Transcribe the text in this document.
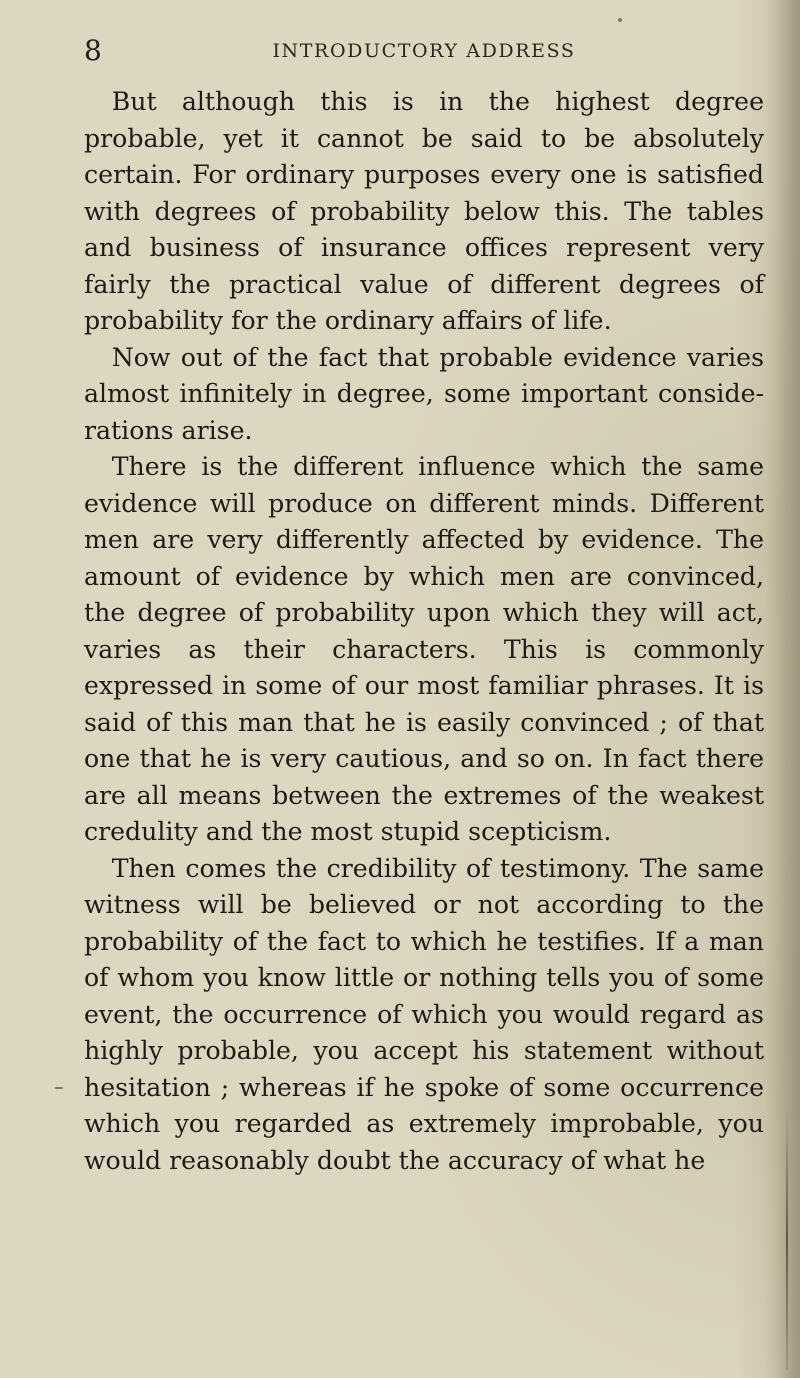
8	INTRODUCTORY ADDRESS

But although this is in the highest degree probable, yet it cannot be said to be absolutely certain. For ordinary purposes every one is satisfied with degrees of probability below this. The tables and business of insurance offices represent very fairly the practical value of different degrees of probability for the ordinary affairs of life.

Now out of the fact that probable evidence varies almost infinitely in degree, some important considerations arise.

There is the different influence which the same evidence will produce on different minds. Different men are very differently affected by evidence. The amount of evidence by which men are convinced, the degree of probability upon which they will act, varies as their characters. This is commonly expressed in some of our most familiar phrases. It is said of this man that he is easily convinced ; of that one that he is very cautious, and so on. In fact there are all means between the extremes of the weakest credulity and the most stupid scepticism.

Then comes the credibility of testimony. The same witness will be believed or not according to the probability of the fact to which he testifies. If a man of whom you know little or nothing tells you of some event, the occurrence of which you would regard as highly probable, you accept his statement without hesitation ; whereas if he spoke of some occurrence which you regarded as extremely improbable, you would reasonably doubt the accuracy of what he
